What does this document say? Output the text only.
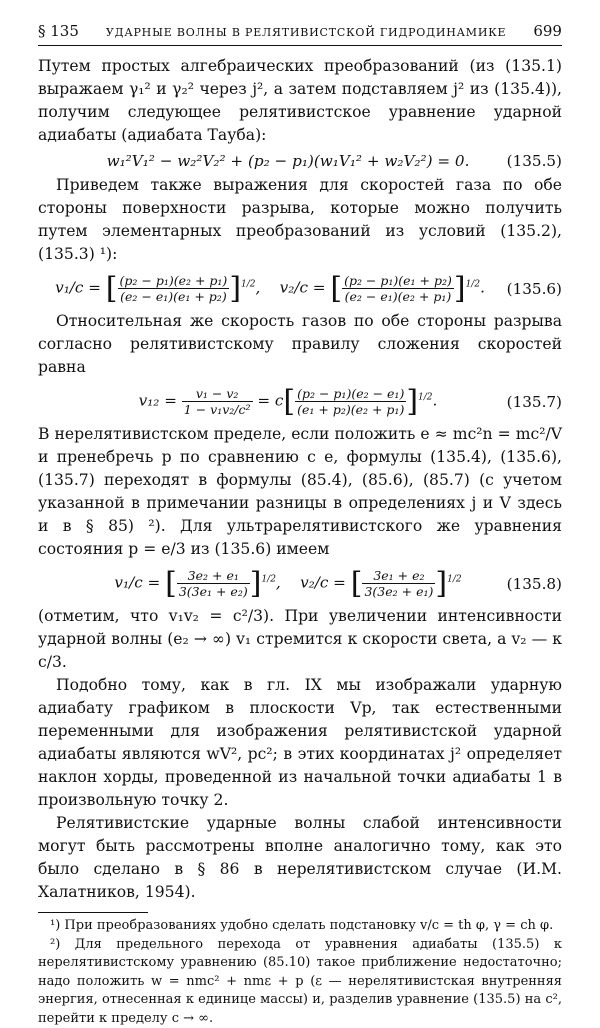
§ 135 УДАРНЫЕ ВОЛНЫ В РЕЛЯТИВИСТСКОЙ ГИДРОДИНАМИКЕ 699

Путем простых алгебраических преобразований (из (135.1) выражаем γ₁² и γ₂² через j², а затем подставляем j² из (135.4)), получим следующее релятивистское уравнение ударной адиабаты (адиабата Тауба):

w₁²V₁² − w₂²V₂² + (p₂ − p₁)(w₁V₁² + w₂V₂²) = 0.	(135.5)

Приведем также выражения для скоростей газа по обе стороны поверхности разрыва, которые можно получить путем элементарных преобразований из условий (135.2), (135.3) ¹):

v₁/c = [ $\frac{\text{(p₂ − p₁)(e₂ + p₁)}}{\text{(e₂ − e₁)(e₁ + p₂)}} ]^{1/2}$,    v₂/c = [ $\frac{\text{(p₂ − p₁)(e₁ + p₂)}}{\text{(e₂ − e₁)(e₂ + p₁)}} ]^{1/2}$.	(135.6)

Относительная же скорость газов по обе стороны разрыва согласно релятивистскому правилу сложения скоростей равна

$v_{12} = \frac{\text{v₁ − v₂}}{\text{1 − v₁v₂/c²}} = c[ \frac{\text{(p₂ − p₁)(e₂ − e₁)}}{\text{(e₁ + p₂)(e₂ + p₁)}} ]^{1/2}$.	(135.7)

В нерелятивистском пределе, если положить e ≈ mc²n = mc²/V и пренебречь p по сравнению с e, формулы (135.4), (135.6), (135.7) переходят в формулы (85.4), (85.6), (85.7) (с учетом указанной в примечании разницы в определениях j и V здесь и в § 85) ²). Для ультрарелятивистского же уравнения состояния p = e/3 из (135.6) имеем

v₁/c = [ $\frac{\text{3e₂ + e₁}}{\text{3(3e₁ + e₂)}} ]^{1/2}$,    v₂/c = [ $\frac{\text{3e₁ + e₂}}{\text{3(3e₂ + e₁)}} ]^{1/2}$	(135.8)

(отметим, что v₁v₂ = c²/3). При увеличении интенсивности ударной волны (e₂ → ∞) v₁ стремится к скорости света, а v₂ — к c/3.

Подобно тому, как в гл. IX мы изображали ударную адиабату графиком в плоскости Vp, так естественными переменными для изображения релятивистской ударной адиабаты являются wV², pc²; в этих координатах j² определяет наклон хорды, проведенной из начальной точки адиабаты 1 в произвольную точку 2.

Релятивистские ударные волны слабой интенсивности могут быть рассмотрены вполне аналогично тому, как это было сделано в § 86 в нерелятивистском случае (И.М. Халатников, 1954).

¹) При преобразованиях удобно сделать подстановку v/c = th φ, γ = ch φ.

²) Для предельного перехода от уравнения адиабаты (135.5) к нерелятивистскому уравнению (85.10) такое приближение недостаточно; надо положить w = nmc² + nmε + p (ε — нерелятивистская внутренняя энергия, отнесенная к единице массы) и, разделив уравнение (135.5) на c², перейти к пределу c → ∞.
